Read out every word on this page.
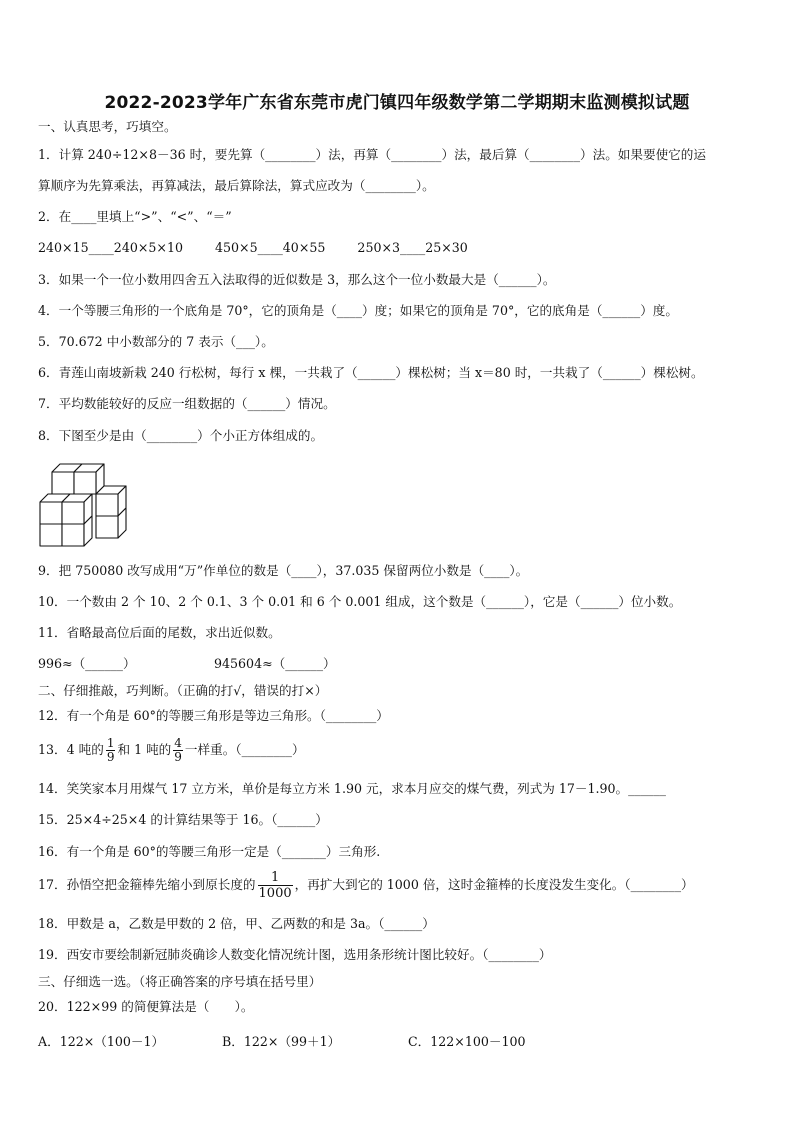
2022-2023学年广东省东莞市虎门镇四年级数学第二学期期末监测模拟试题
一、认真思考，巧填空。
1．计算 240÷12×8－36 时，要先算（________）法，再算（________）法，最后算（________）法。如果要使它的运
算顺序为先算乘法，再算减法，最后算除法，算式应改为（________）。
2．在____里填上“>”、“<”、“＝”
240×15____240×5×10        450×5____40×55        250×3____25×30
3．如果一个一位小数用四舍五入法取得的近似数是 3，那么这个一位小数最大是（______）。
4．一个等腰三角形的一个底角是 70°，它的顶角是（____）度；如果它的顶角是 70°，它的底角是（______）度。
5．70.672 中小数部分的 7 表示（___）。
6．青莲山南坡新栽 240 行松树，每行 x 棵，一共栽了（______）棵松树；当 x＝80 时，一共栽了（______）棵松树。
7．平均数能较好的反应一组数据的（______）情况。
8．下图至少是由（________）个小正方体组成的。
9．把 750080 改写成用“万”作单位的数是（____），37.035 保留两位小数是（____）。
10．一个数由 2 个 10、2 个 0.1、3 个 0.01 和 6 个 0.001 组成，这个数是（______），它是（______）位小数。
11．省略最高位后面的尾数，求出近似数。
996≈（______）	945604≈（______）
二、仔细推敲，巧判断。（正确的打√，错误的打×）
12．有一个角是 60°的等腰三角形是等边三角形。（________）
13．4 吨的 $\frac{1}{9}$ 和 1 吨的 $\frac{4}{9}$ 一样重。（________）
14．笑笑家本月用煤气 17 立方米，单价是每立方米 1.90 元，求本月应交的煤气费，列式为 17－1.90。______
15．25×4÷25×4 的计算结果等于 16。（______）
16．有一个角是 60°的等腰三角形一定是（_______）三角形.
17．孙悟空把金箍棒先缩小到原长度的 $\frac{1}{1000}$ ，再扩大到它的 1000 倍，这时金箍棒的长度没发生变化。（________）
18．甲数是 a，乙数是甲数的 2 倍，甲、乙两数的和是 3a。（______）
19．西安市要绘制新冠肺炎确诊人数变化情况统计图，选用条形统计图比较好。（________）
三、仔细选一选。（将正确答案的序号填在括号里）
20．122×99 的简便算法是（　　）。
A．122×（100－1）	B．122×（99＋1）	C．122×100－100
